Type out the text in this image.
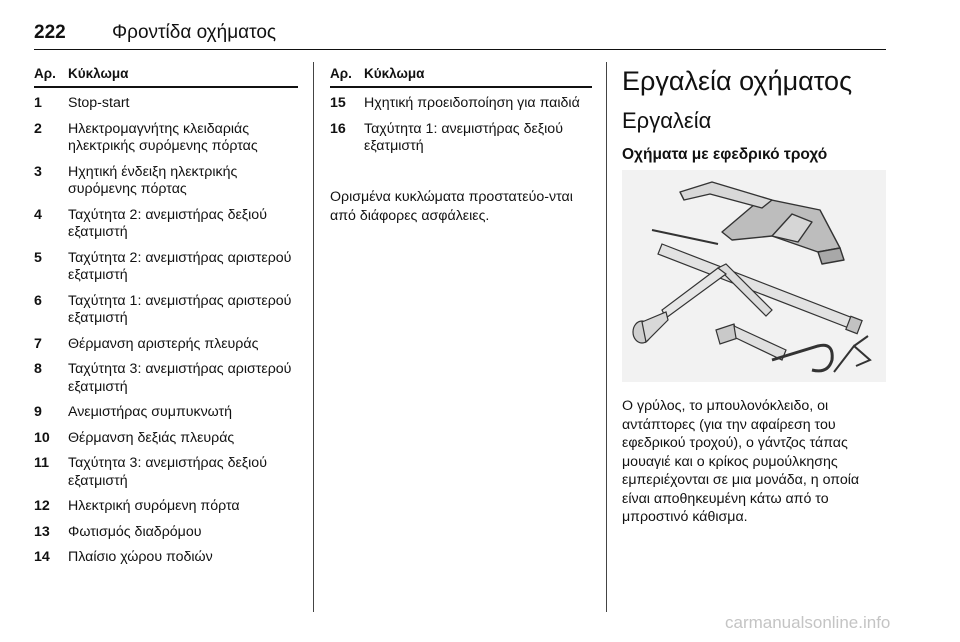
222 Φροντίδα οχήματος
Αρ. Κύκλωμα
1	Stop-start
2	Ηλεκτρομαγνήτης κλειδαριάς ηλεκτρικής συρόμενης πόρτας
3	Ηχητική ένδειξη ηλεκτρικής συρόμενης πόρτας
4	Ταχύτητα 2: ανεμιστήρας δεξιού εξατμιστή
5	Ταχύτητα 2: ανεμιστήρας αριστερού εξατμιστή
6	Ταχύτητα 1: ανεμιστήρας αριστερού εξατμιστή
7	Θέρμανση αριστερής πλευράς
8	Ταχύτητα 3: ανεμιστήρας αριστερού εξατμιστή
9	Ανεμιστήρας συμπυκνωτή
10	Θέρμανση δεξιάς πλευράς
11	Ταχύτητα 3: ανεμιστήρας δεξιού εξατμιστή
12	Ηλεκτρική συρόμενη πόρτα
13	Φωτισμός διαδρόμου
14	Πλαίσιο χώρου ποδιών
Αρ. Κύκλωμα
15	Ηχητική προειδοποίηση για παιδιά
16	Ταχύτητα 1: ανεμιστήρας δεξιού εξατμιστή
Ορισμένα κυκλώματα προστατεύο-νται από διάφορες ασφάλειες.
Εργαλεία οχήματος
Εργαλεία
Οχήματα με εφεδρικό τροχό
Ο γρύλος, το μπουλονόκλειδο, οι αντάπτορες (για την αφαίρεση του εφεδρικού τροχού), ο γάντζος τάπας μουαγιέ και ο κρίκος ρυμούλκησης εμπεριέχονται σε μια μονάδα, η οποία είναι αποθηκευμένη κάτω από το μπροστινό κάθισμα.
carmanualsonline.info
